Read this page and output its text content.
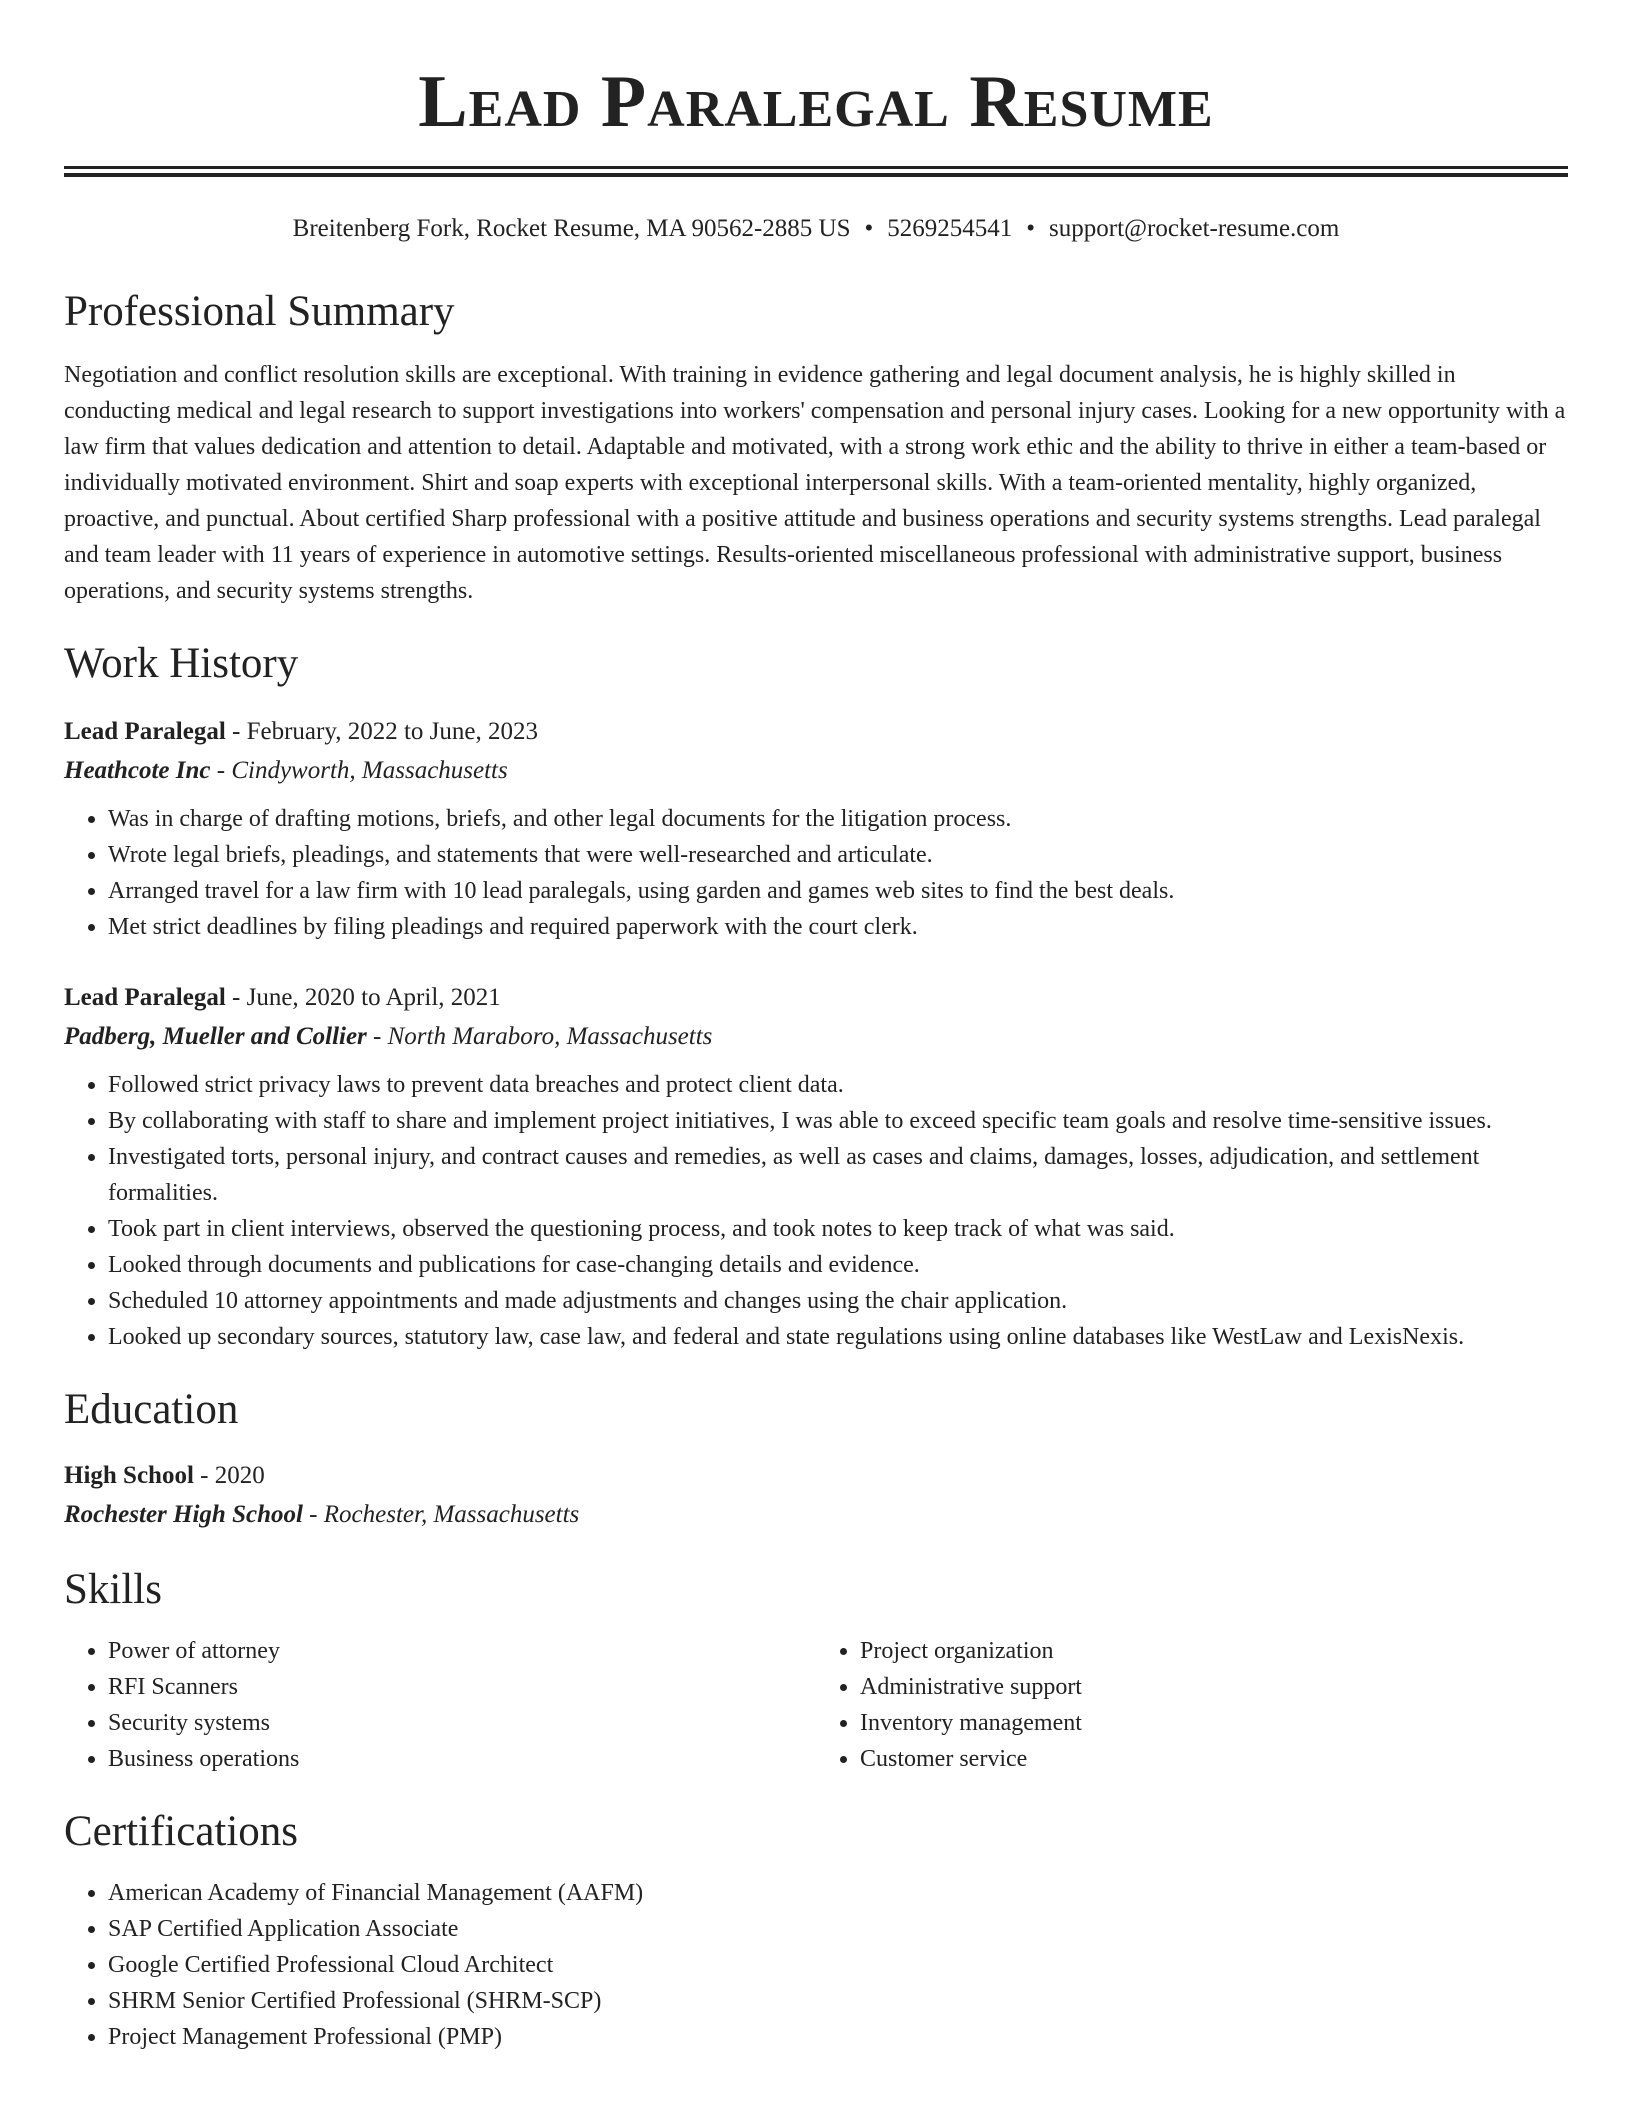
Lead Paralegal Resume
Breitenberg Fork, Rocket Resume, MA 90562-2885 US • 5269254541 • support@rocket-resume.com
Professional Summary
Negotiation and conflict resolution skills are exceptional. With training in evidence gathering and legal document analysis, he is highly skilled in conducting medical and legal research to support investigations into workers' compensation and personal injury cases. Looking for a new opportunity with a law firm that values dedication and attention to detail. Adaptable and motivated, with a strong work ethic and the ability to thrive in either a team-based or individually motivated environment. Shirt and soap experts with exceptional interpersonal skills. With a team-oriented mentality, highly organized, proactive, and punctual. About certified Sharp professional with a positive attitude and business operations and security systems strengths. Lead paralegal and team leader with 11 years of experience in automotive settings. Results-oriented miscellaneous professional with administrative support, business operations, and security systems strengths.
Work History
Lead Paralegal - February, 2022 to June, 2023
Heathcote Inc - Cindyworth, Massachusetts
• Was in charge of drafting motions, briefs, and other legal documents for the litigation process.
• Wrote legal briefs, pleadings, and statements that were well-researched and articulate.
• Arranged travel for a law firm with 10 lead paralegals, using garden and games web sites to find the best deals.
• Met strict deadlines by filing pleadings and required paperwork with the court clerk.
Lead Paralegal - June, 2020 to April, 2021
Padberg, Mueller and Collier - North Maraboro, Massachusetts
• Followed strict privacy laws to prevent data breaches and protect client data.
• By collaborating with staff to share and implement project initiatives, I was able to exceed specific team goals and resolve time-sensitive issues.
• Investigated torts, personal injury, and contract causes and remedies, as well as cases and claims, damages, losses, adjudication, and settlement formalities.
• Took part in client interviews, observed the questioning process, and took notes to keep track of what was said.
• Looked through documents and publications for case-changing details and evidence.
• Scheduled 10 attorney appointments and made adjustments and changes using the chair application.
• Looked up secondary sources, statutory law, case law, and federal and state regulations using online databases like WestLaw and LexisNexis.
Education
High School - 2020
Rochester High School - Rochester, Massachusetts
Skills
• Power of attorney
• RFI Scanners
• Security systems
• Business operations
• Project organization
• Administrative support
• Inventory management
• Customer service
Certifications
• American Academy of Financial Management (AAFM)
• SAP Certified Application Associate
• Google Certified Professional Cloud Architect
• SHRM Senior Certified Professional (SHRM-SCP)
• Project Management Professional (PMP)
